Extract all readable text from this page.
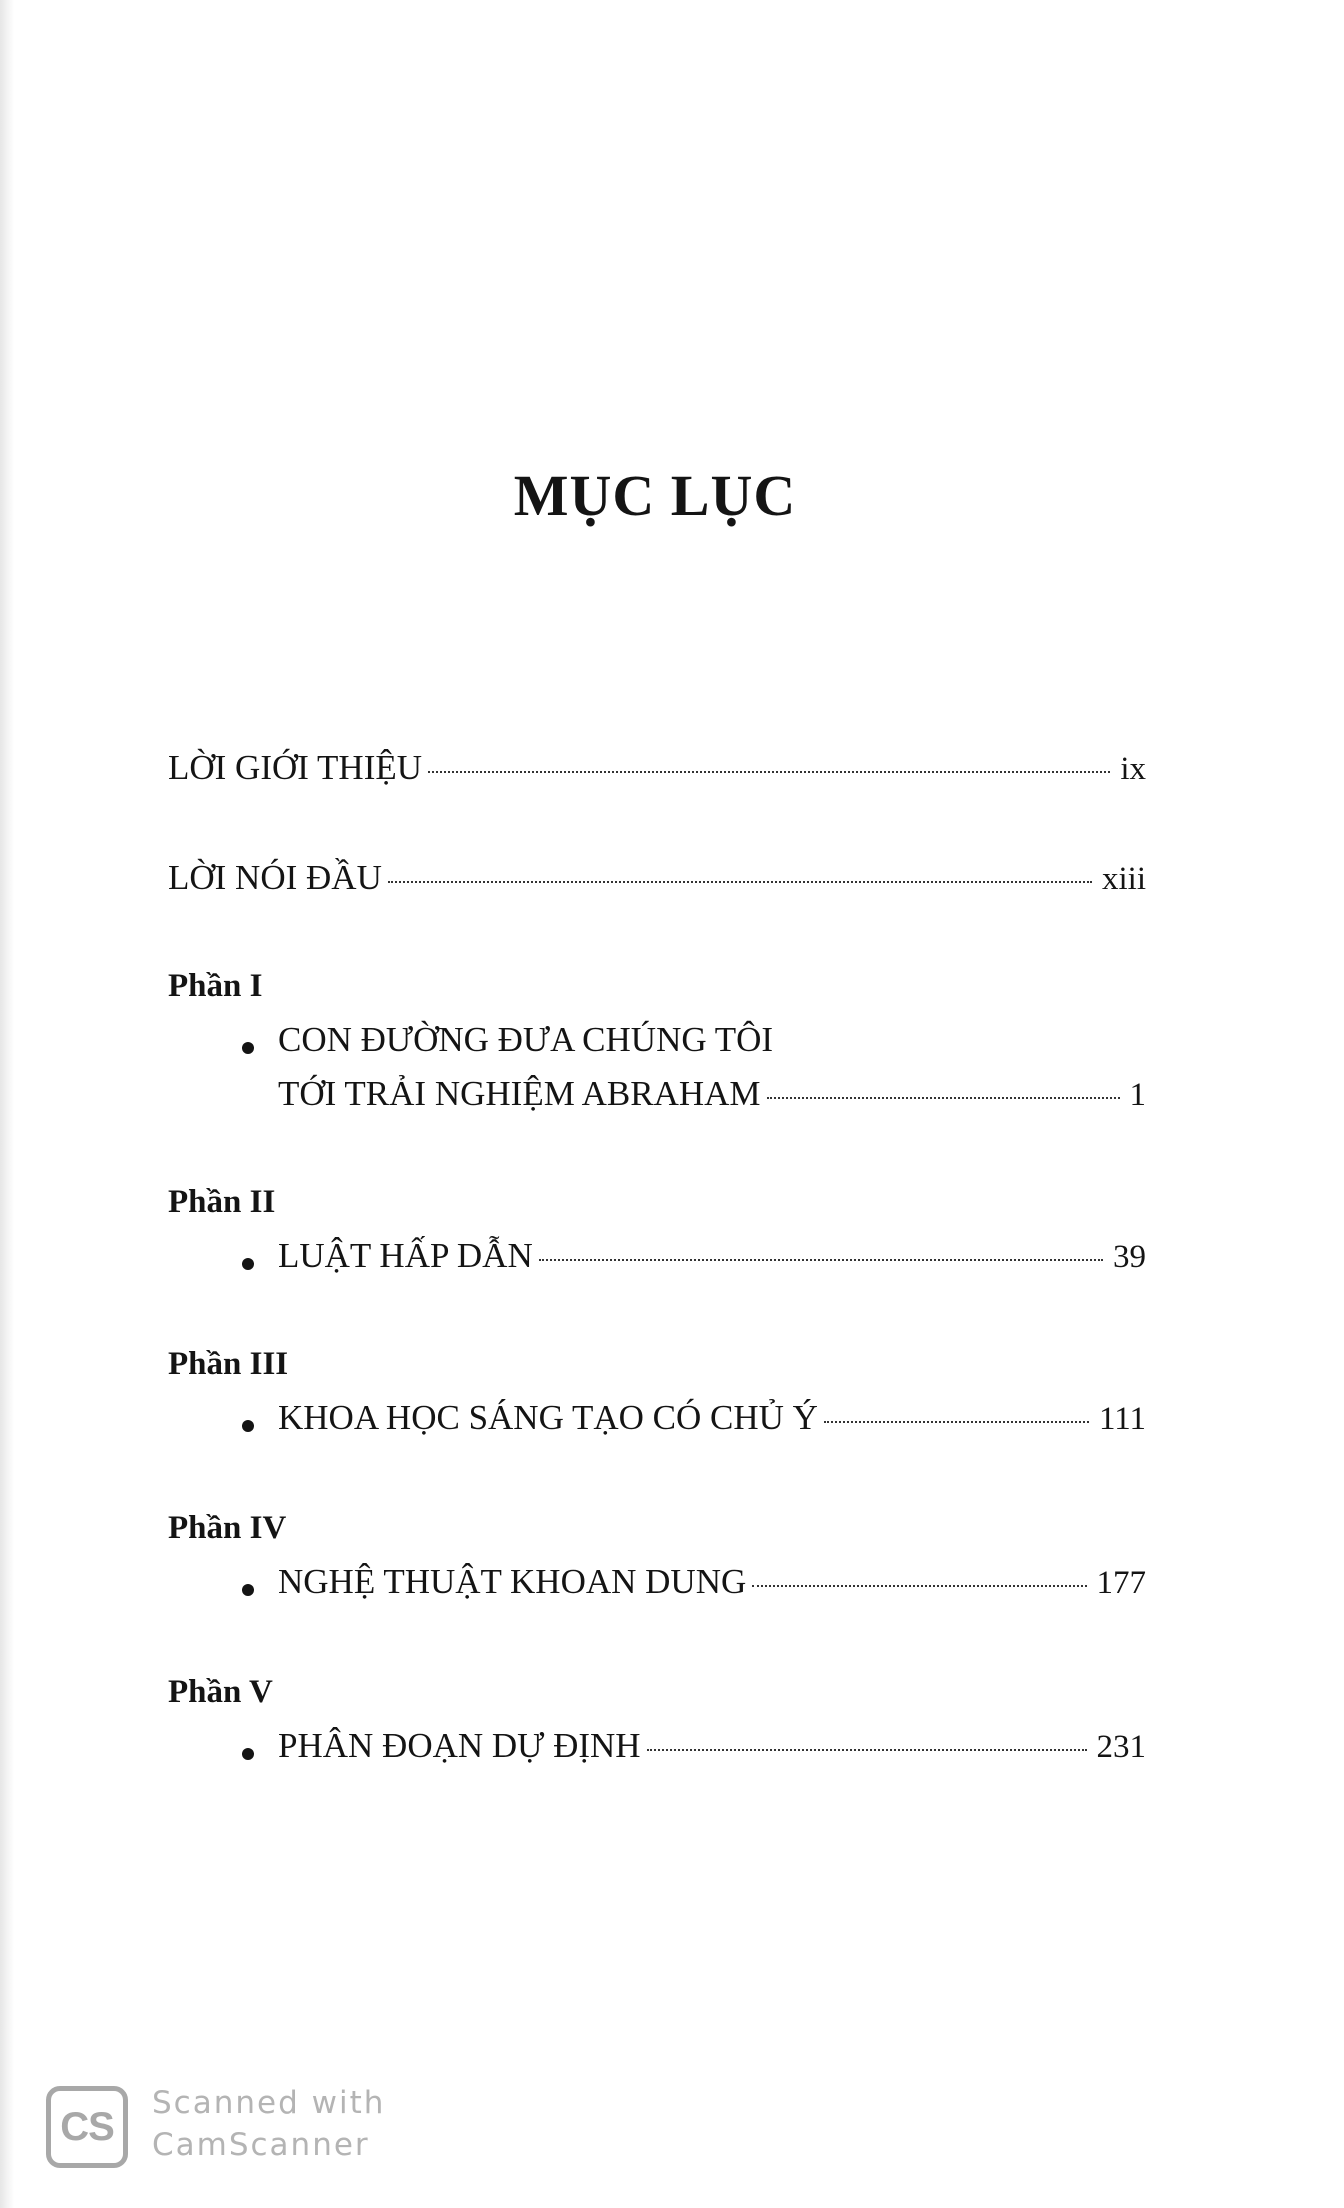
MỤC LỤC
LỜI GIỚI THIỆU	ix
LỜI NÓI ĐẦU	xiii
Phần I
CON ĐƯỜNG ĐƯA CHÚNG TÔI
TỚI TRẢI NGHIỆM ABRAHAM	1
Phần II
LUẬT HẤP DẪN	39
Phần III
KHOA HỌC SÁNG TẠO CÓ CHỦ Ý	111
Phần IV
NGHỆ THUẬT KHOAN DUNG	177
Phần V
PHÂN ĐOẠN DỰ ĐỊNH	231
CS
Scanned with
CamScanner
